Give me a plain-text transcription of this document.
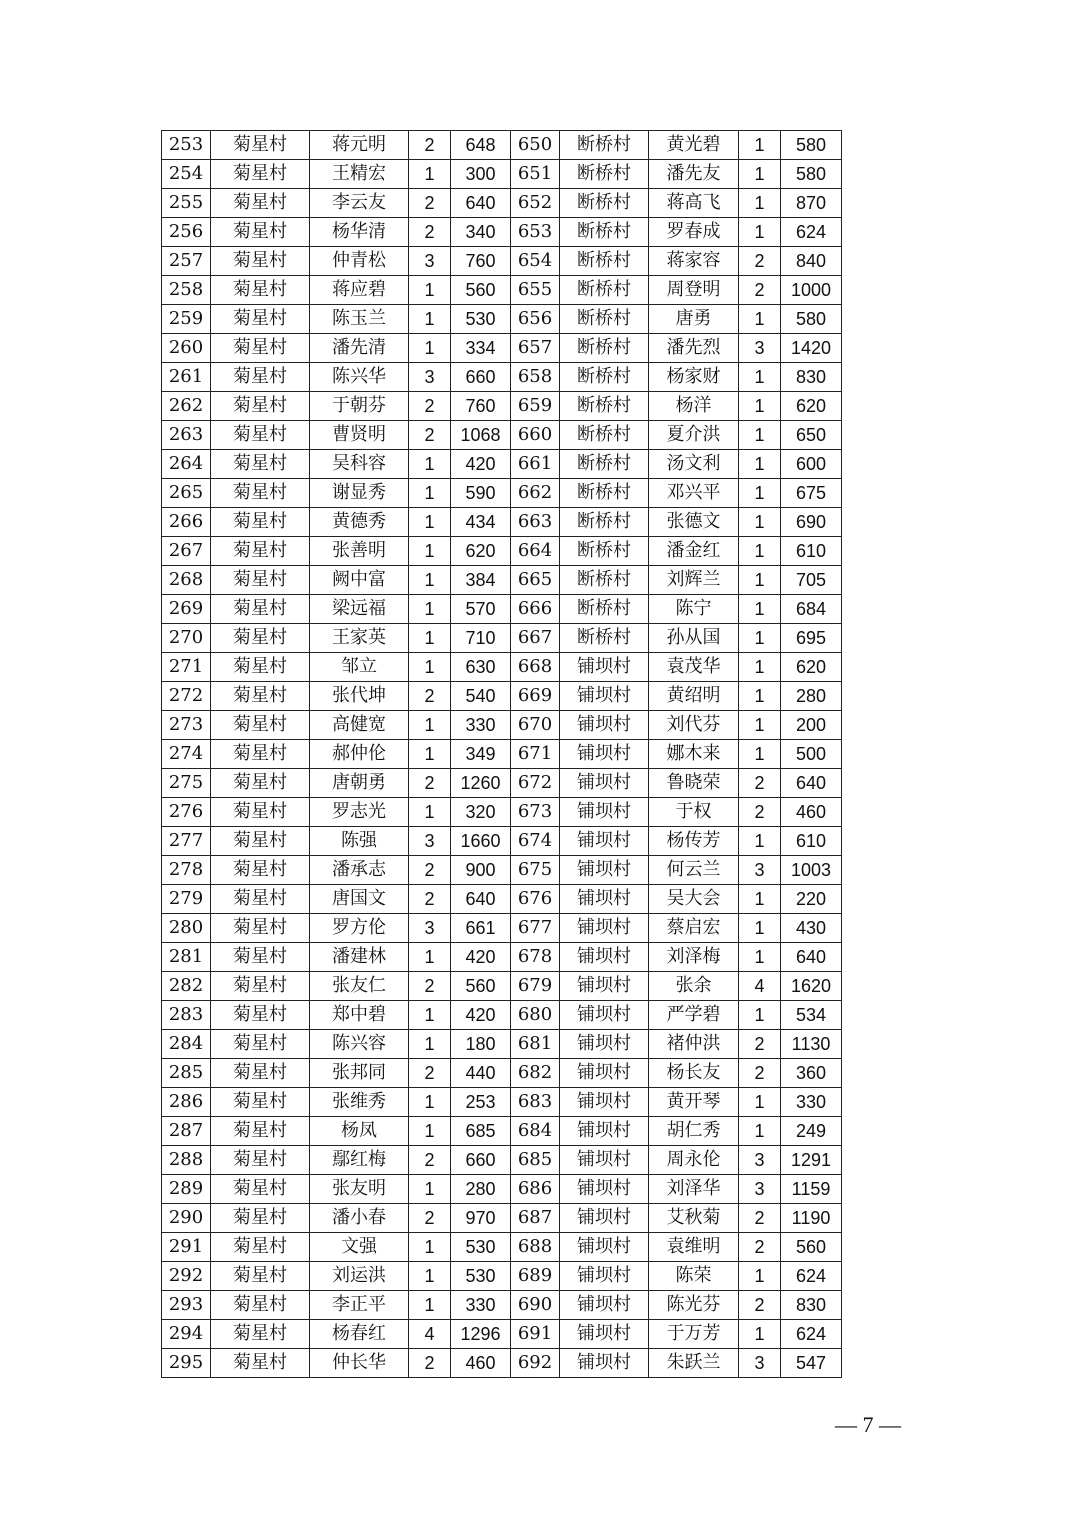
253	菊星村	蒋元明	2	648	650	断桥村	黄光碧	1	580
254	菊星村	王精宏	1	300	651	断桥村	潘先友	1	580
255	菊星村	李云友	2	640	652	断桥村	蒋高飞	1	870
256	菊星村	杨华清	2	340	653	断桥村	罗春成	1	624
257	菊星村	仲青松	3	760	654	断桥村	蒋家容	2	840
258	菊星村	蒋应碧	1	560	655	断桥村	周登明	2	1000
259	菊星村	陈玉兰	1	530	656	断桥村	唐勇	1	580
260	菊星村	潘先清	1	334	657	断桥村	潘先烈	3	1420
261	菊星村	陈兴华	3	660	658	断桥村	杨家财	1	830
262	菊星村	于朝芬	2	760	659	断桥村	杨洋	1	620
263	菊星村	曹贤明	2	1068	660	断桥村	夏介洪	1	650
264	菊星村	吴科容	1	420	661	断桥村	汤文利	1	600
265	菊星村	谢显秀	1	590	662	断桥村	邓兴平	1	675
266	菊星村	黄德秀	1	434	663	断桥村	张德文	1	690
267	菊星村	张善明	1	620	664	断桥村	潘金红	1	610
268	菊星村	阙中富	1	384	665	断桥村	刘辉兰	1	705
269	菊星村	梁远福	1	570	666	断桥村	陈宁	1	684
270	菊星村	王家英	1	710	667	断桥村	孙从国	1	695
271	菊星村	邹立	1	630	668	铺坝村	袁茂华	1	620
272	菊星村	张代坤	2	540	669	铺坝村	黄绍明	1	280
273	菊星村	高健宽	1	330	670	铺坝村	刘代芬	1	200
274	菊星村	郝仲伦	1	349	671	铺坝村	娜木来	1	500
275	菊星村	唐朝勇	2	1260	672	铺坝村	鲁晓荣	2	640
276	菊星村	罗志光	1	320	673	铺坝村	于权	2	460
277	菊星村	陈强	3	1660	674	铺坝村	杨传芳	1	610
278	菊星村	潘承志	2	900	675	铺坝村	何云兰	3	1003
279	菊星村	唐国文	2	640	676	铺坝村	吴大会	1	220
280	菊星村	罗方伦	3	661	677	铺坝村	蔡启宏	1	430
281	菊星村	潘建林	1	420	678	铺坝村	刘泽梅	1	640
282	菊星村	张友仁	2	560	679	铺坝村	张余	4	1620
283	菊星村	郑中碧	1	420	680	铺坝村	严学碧	1	534
284	菊星村	陈兴容	1	180	681	铺坝村	褚仲洪	2	1130
285	菊星村	张邦同	2	440	682	铺坝村	杨长友	2	360
286	菊星村	张维秀	1	253	683	铺坝村	黄开琴	1	330
287	菊星村	杨凤	1	685	684	铺坝村	胡仁秀	1	249
288	菊星村	鄢红梅	2	660	685	铺坝村	周永伦	3	1291
289	菊星村	张友明	1	280	686	铺坝村	刘泽华	3	1159
290	菊星村	潘小春	2	970	687	铺坝村	艾秋菊	2	1190
291	菊星村	文强	1	530	688	铺坝村	袁维明	2	560
292	菊星村	刘运洪	1	530	689	铺坝村	陈荣	1	624
293	菊星村	李正平	1	330	690	铺坝村	陈光芬	2	830
294	菊星村	杨春红	4	1296	691	铺坝村	于万芳	1	624
295	菊星村	仲长华	2	460	692	铺坝村	朱跃兰	3	547
— 7 —
